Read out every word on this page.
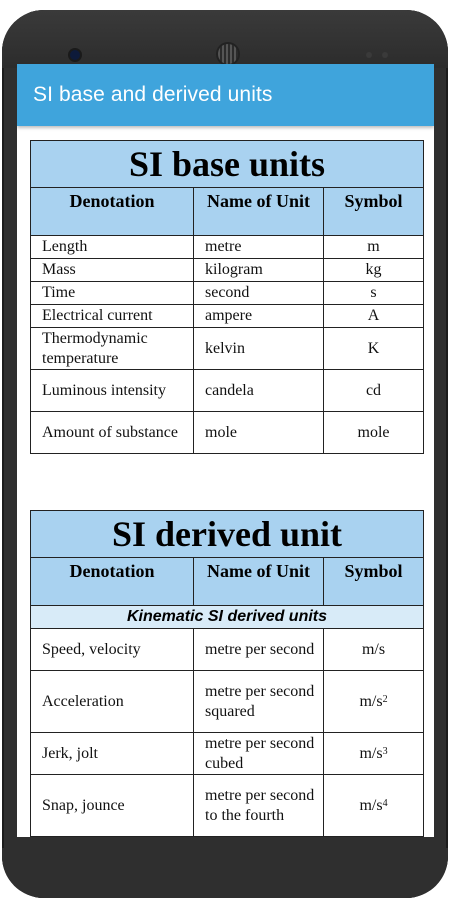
SI base and derived units
SI base units		
Denotation	Name of Unit	Symbol
Length	metre	m
Mass	kilogram	kg
Time	second	s
Electrical current	ampere	A
Thermodynamic temperature	kelvin	K
Luminous intensity	candela	cd
Amount of substance	mole	mole
SI derived unit		
Denotation	Name of Unit	Symbol
Kinematic SI derived units		
Speed, velocity	metre per second	m/s
Acceleration	metre per second squared	$m/s^2$
Jerk, jolt	metre per second cubed	$m/s^3$
Snap, jounce	metre per second to the fourth	$m/s^4$
